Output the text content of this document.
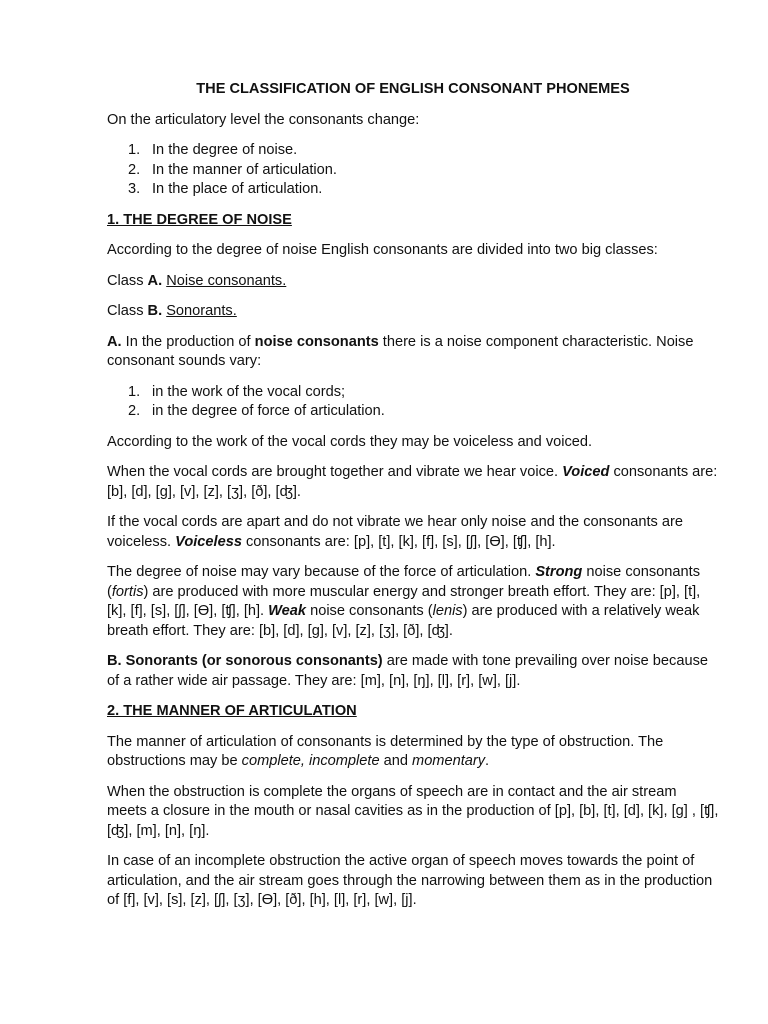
THE CLASSIFICATION OF ENGLISH CONSONANT PHONEMES

On the articulatory level the consonants change:

1. In the degree of noise.
2. In the manner of articulation.
3. In the place of articulation.

1. THE DEGREE OF NOISE

According to the degree of noise English consonants are divided into two big classes:

Class A. Noise consonants.

Class B. Sonorants.

A. In the production of noise consonants there is a noise component characteristic. Noise consonant sounds vary:

1. in the work of the vocal cords;
2. in the degree of force of articulation.

According to the work of the vocal cords they may be voiceless and voiced.

When the vocal cords are brought together and vibrate we hear voice. Voiced consonants are: [b], [d], [g], [v], [z], [ʒ], [ð], [ʤ].

If the vocal cords are apart and do not vibrate we hear only noise and the consonants are voiceless. Voiceless consonants are: [p], [t], [k], [f], [s], [ʃ], [Ɵ], [ʧ], [h].

The degree of noise may vary because of the force of articulation. Strong noise consonants (fortis) are produced with more muscular energy and stronger breath effort. They are: [p], [t], [k], [f], [s], [ʃ], [Ɵ], [ʧ], [h]. Weak noise consonants (lenis) are produced with a relatively weak breath effort. They are: [b], [d], [g], [v], [z], [ʒ], [ð], [ʤ].

B. Sonorants (or sonorous consonants) are made with tone prevailing over noise because of a rather wide air passage. They are: [m], [n], [ŋ], [l], [r], [w], [j].

2. THE MANNER OF ARTICULATION

The manner of articulation of consonants is determined by the type of obstruction. The obstructions may be complete, incomplete and momentary.

When the obstruction is complete the organs of speech are in contact and the air stream meets a closure in the mouth or nasal cavities as in the production of [p], [b], [t], [d], [k], [g] , [ʧ], [ʤ], [m], [n], [ŋ].

In case of an incomplete obstruction the active organ of speech moves towards the point of articulation, and the air stream goes through the narrowing between them as in the production of [f], [v], [s], [z], [ʃ], [ʒ], [Ɵ], [ð], [h], [l], [r], [w], [j].
